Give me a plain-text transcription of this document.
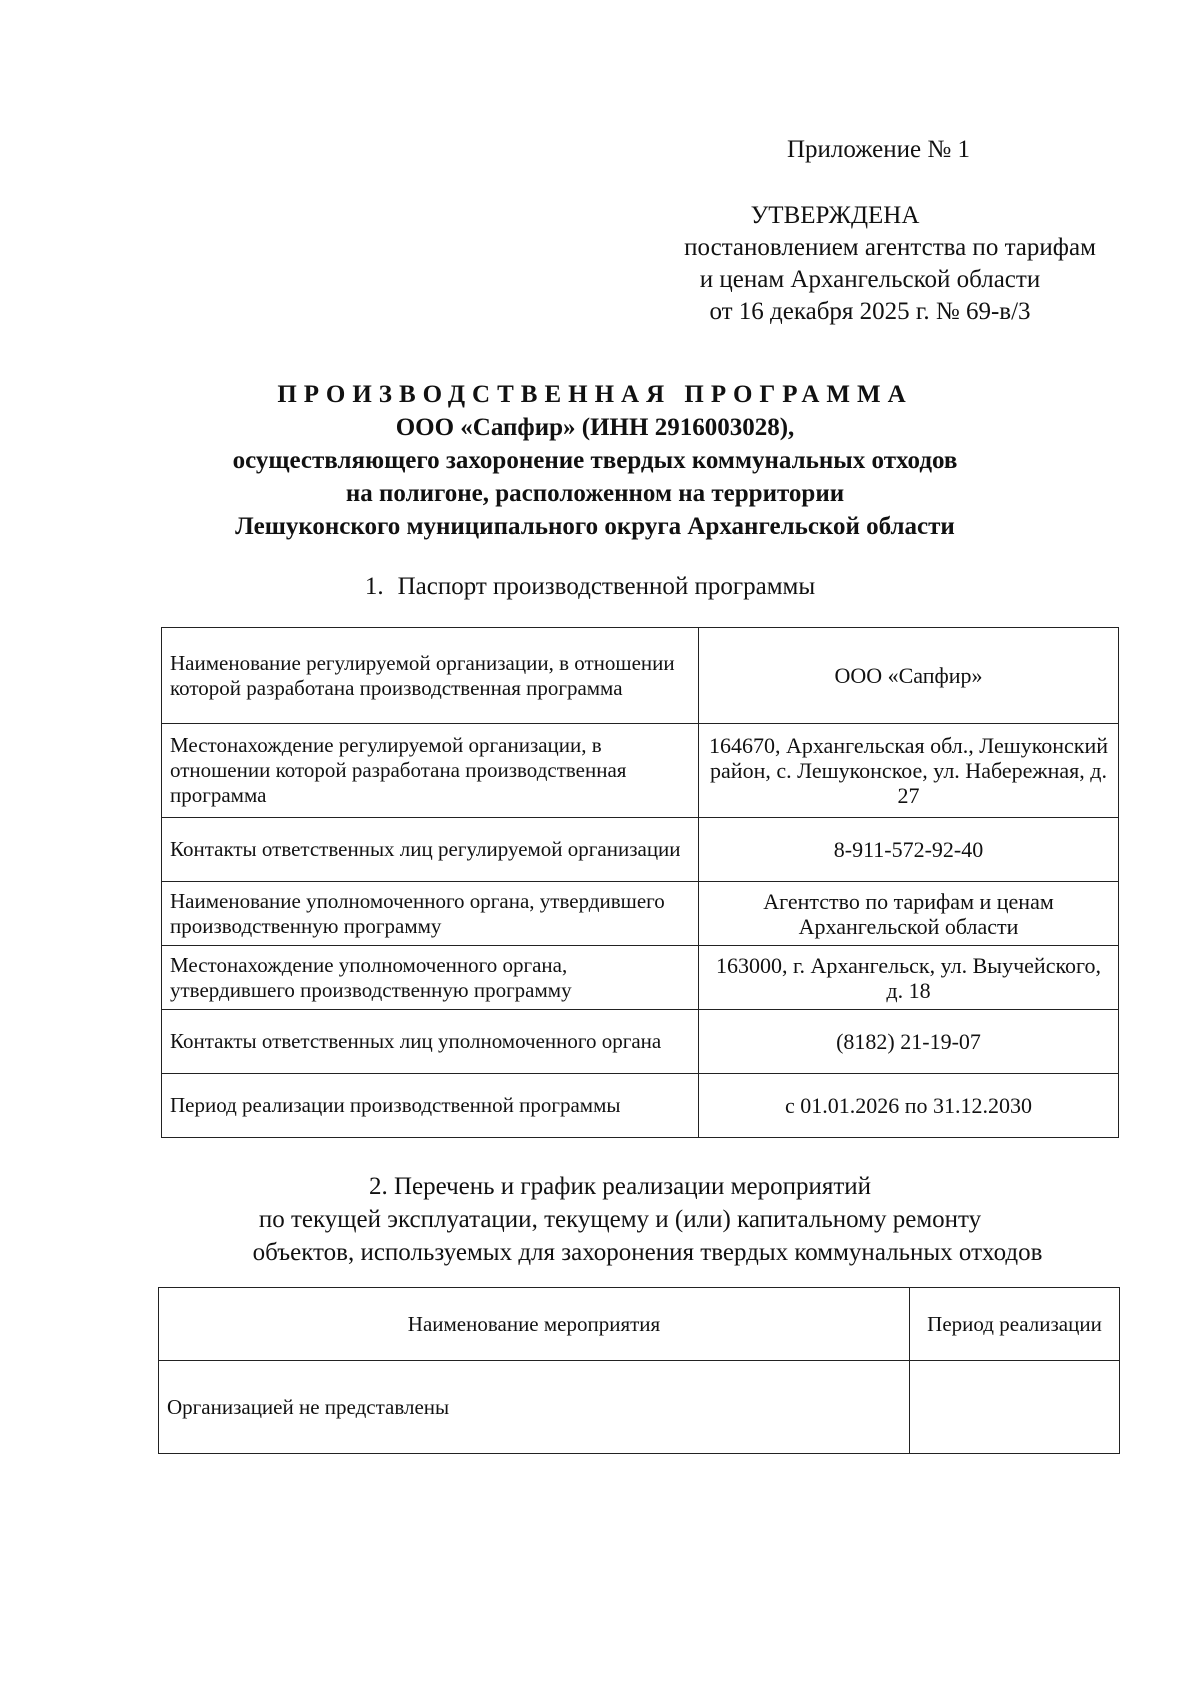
Приложение № 1
УТВЕРЖДЕНА
постановлением агентства по тарифам
и ценам Архангельской области
от 16 декабря 2025 г. № 69-в/3
ПРОИЗВОДСТВЕННАЯ ПРОГРАММА
ООО «Сапфир» (ИНН 2916003028),
осуществляющего захоронение твердых коммунальных отходов
на полигоне, расположенном на территории
Лешуконского муниципального округа Архангельской области
1. Паспорт производственной программы
Наименование регулируемой организации, в отношении которой разработана производственная программа	ООО «Сапфир»
Местонахождение регулируемой организации, в отношении которой разработана производственная программа	164670, Архангельская обл., Лешуконский район, с. Лешуконское, ул. Набережная, д. 27
Контакты ответственных лиц регулируемой организации	8-911-572-92-40
Наименование уполномоченного органа, утвердившего производственную программу	Агентство по тарифам и ценам Архангельской области
Местонахождение уполномоченного органа, утвердившего производственную программу	163000, г. Архангельск, ул. Выучейского, д. 18
Контакты ответственных лиц уполномоченного органа	(8182) 21-19-07
Период реализации производственной программы	с 01.01.2026 по 31.12.2030
2. Перечень и график реализации мероприятий
по текущей эксплуатации, текущему и (или) капитальному ремонту
объектов, используемых для захоронения твердых коммунальных отходов
Наименование мероприятия	Период реализации
Организацией не представлены	
